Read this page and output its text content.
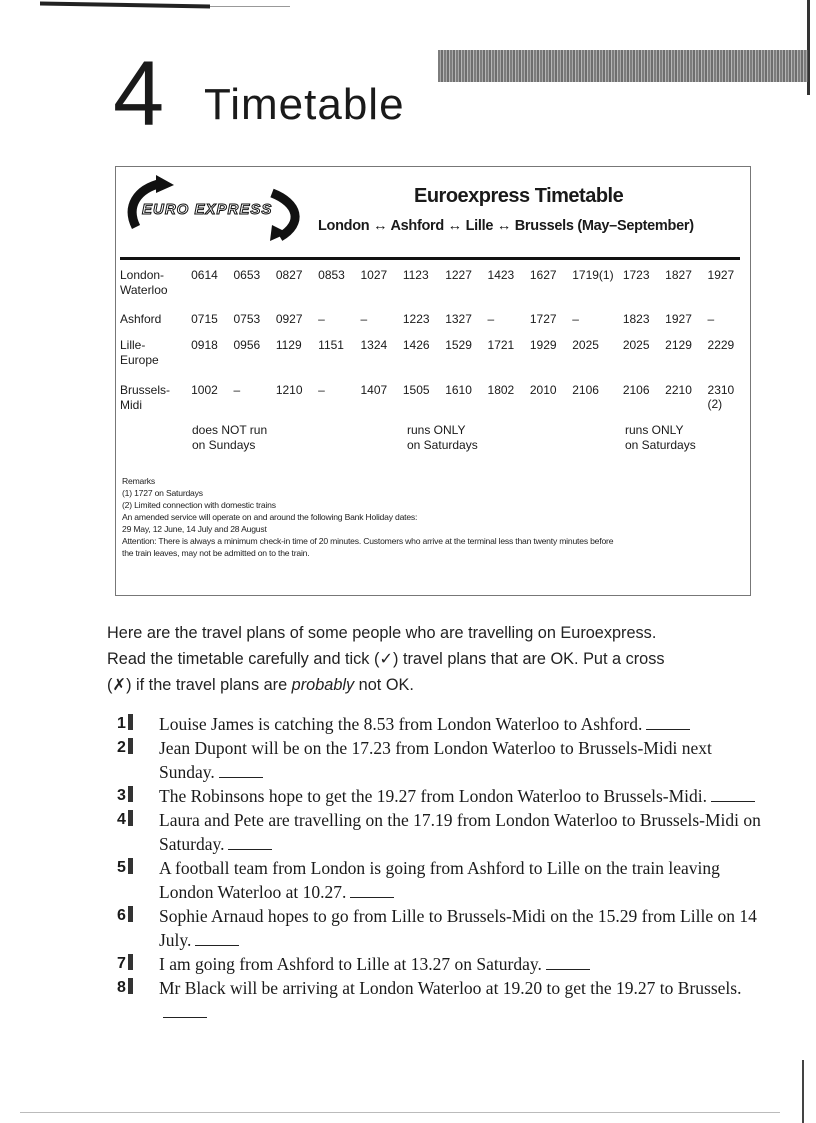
4 Timetable
EURO EXPRESS
Euroexpress Timetable
London ↔ Ashford ↔ Lille ↔ Brussels (May–September)
London-
Waterloo	0614	0653	0827	0853	1027	1123	1227	1423	1627	1719(1)	1723	1827	1927
Ashford	0715	0753	0927	–	–	1223	1327	–	1727	–	1823	1927	–
Lille-
Europe	0918	0956	1129	1151	1324	1426	1529	1721	1929	2025	2025	2129	2229
Brussels-
Midi	1002	–	1210	–	1407	1505	1610	1802	2010	2106	2106	2210	2310
(2)
does NOT run
on Sundays
runs ONLY
on Saturdays
runs ONLY
on Saturdays
Remarks
(1) 1727 on Saturdays
(2) Limited connection with domestic trains
An amended service will operate on and around the following Bank Holiday dates:
29 May, 12 June, 14 July and 28 August
Attention: There is always a minimum check-in time of 20 minutes. Customers who arrive at the terminal less than twenty minutes before
the train leaves, may not be admitted on to the train.
Here are the travel plans of some people who are travelling on Euroexpress.
Read the timetable carefully and tick (✓) travel plans that are OK. Put a cross
(✗) if the travel plans are probably not OK.
1	Louise James is catching the 8.53 from London Waterloo to Ashford.
2	Jean Dupont will be on the 17.23 from London Waterloo to Brussels-Midi next Sunday.
3	The Robinsons hope to get the 19.27 from London Waterloo to Brussels-Midi.
4	Laura and Pete are travelling on the 17.19 from London Waterloo to Brussels-Midi on Saturday.
5	A football team from London is going from Ashford to Lille on the train leaving London Waterloo at 10.27.
6	Sophie Arnaud hopes to go from Lille to Brussels-Midi on the 15.29 from Lille on 14 July.
7	I am going from Ashford to Lille at 13.27 on Saturday.
8	Mr Black will be arriving at London Waterloo at 19.20 to get the 19.27 to Brussels.
